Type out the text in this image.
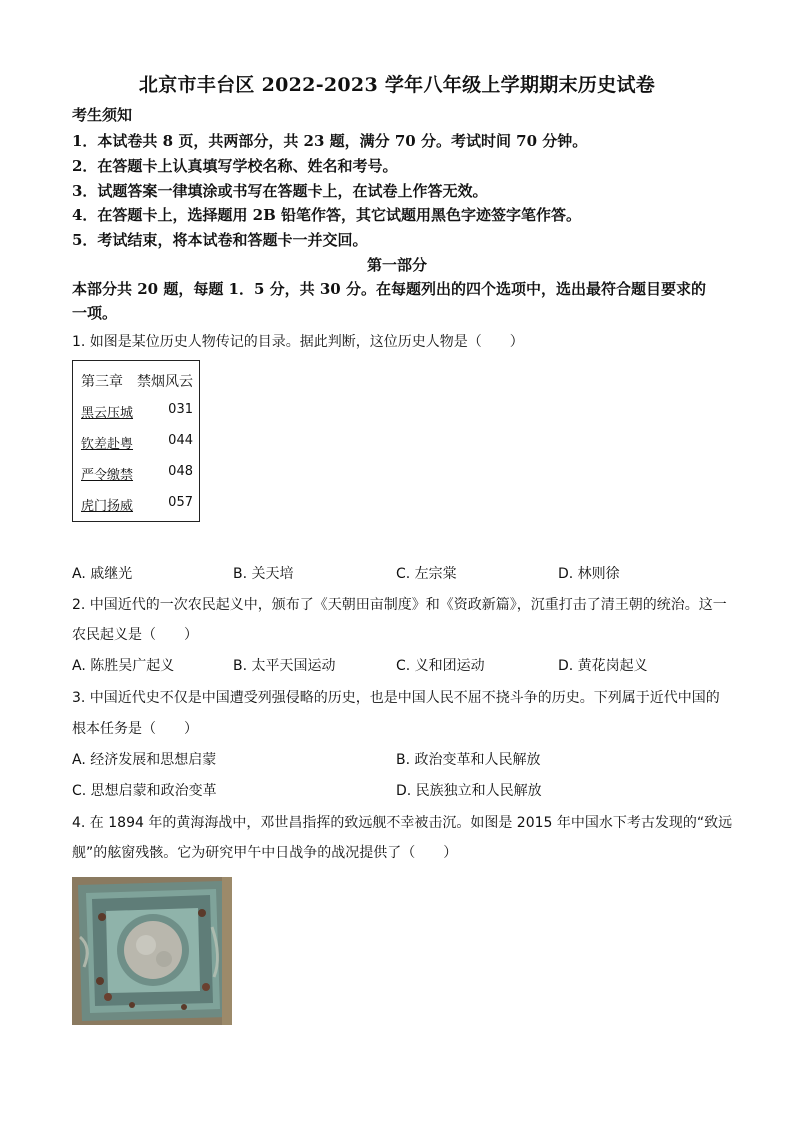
北京市丰台区 2022-2023 学年八年级上学期期末历史试卷
考生须知
1．本试卷共 8 页，共两部分，共 23 题，满分 70 分。考试时间 70 分钟。
2．在答题卡上认真填写学校名称、姓名和考号。
3．试题答案一律填涂或书写在答题卡上，在试卷上作答无效。
4．在答题卡上，选择题用 2B 铅笔作答，其它试题用黑色字迹签字笔作答。
5．考试结束，将本试卷和答题卡一并交回。
第一部分
本部分共 20 题，每题 1．5 分，共 30 分。在每题列出的四个选项中，选出最符合题目要求的
一项。
1. 如图是某位历史人物传记的目录。据此判断，这位历史人物是（　　）
第三章　禁烟风云
黑云压城	031
钦差赴粤	044
严令缴禁	048
虎门扬威	057
A. 戚继光	B. 关天培	C. 左宗棠	D. 林则徐
2. 中国近代的一次农民起义中，颁布了《天朝田亩制度》和《资政新篇》，沉重打击了清王朝的统治。这一
农民起义是（　　）
A. 陈胜吴广起义	B. 太平天国运动	C. 义和团运动	D. 黄花岗起义
3. 中国近代史不仅是中国遭受列强侵略的历史，也是中国人民不屈不挠斗争的历史。下列属于近代中国的
根本任务是（　　）
A. 经济发展和思想启蒙	B. 政治变革和人民解放
C. 思想启蒙和政治变革	D. 民族独立和人民解放
4. 在 1894 年的黄海海战中，邓世昌指挥的致远舰不幸被击沉。如图是 2015 年中国水下考古发现的“致远
舰”的舷窗残骸。它为研究甲午中日战争的战况提供了（　　）
